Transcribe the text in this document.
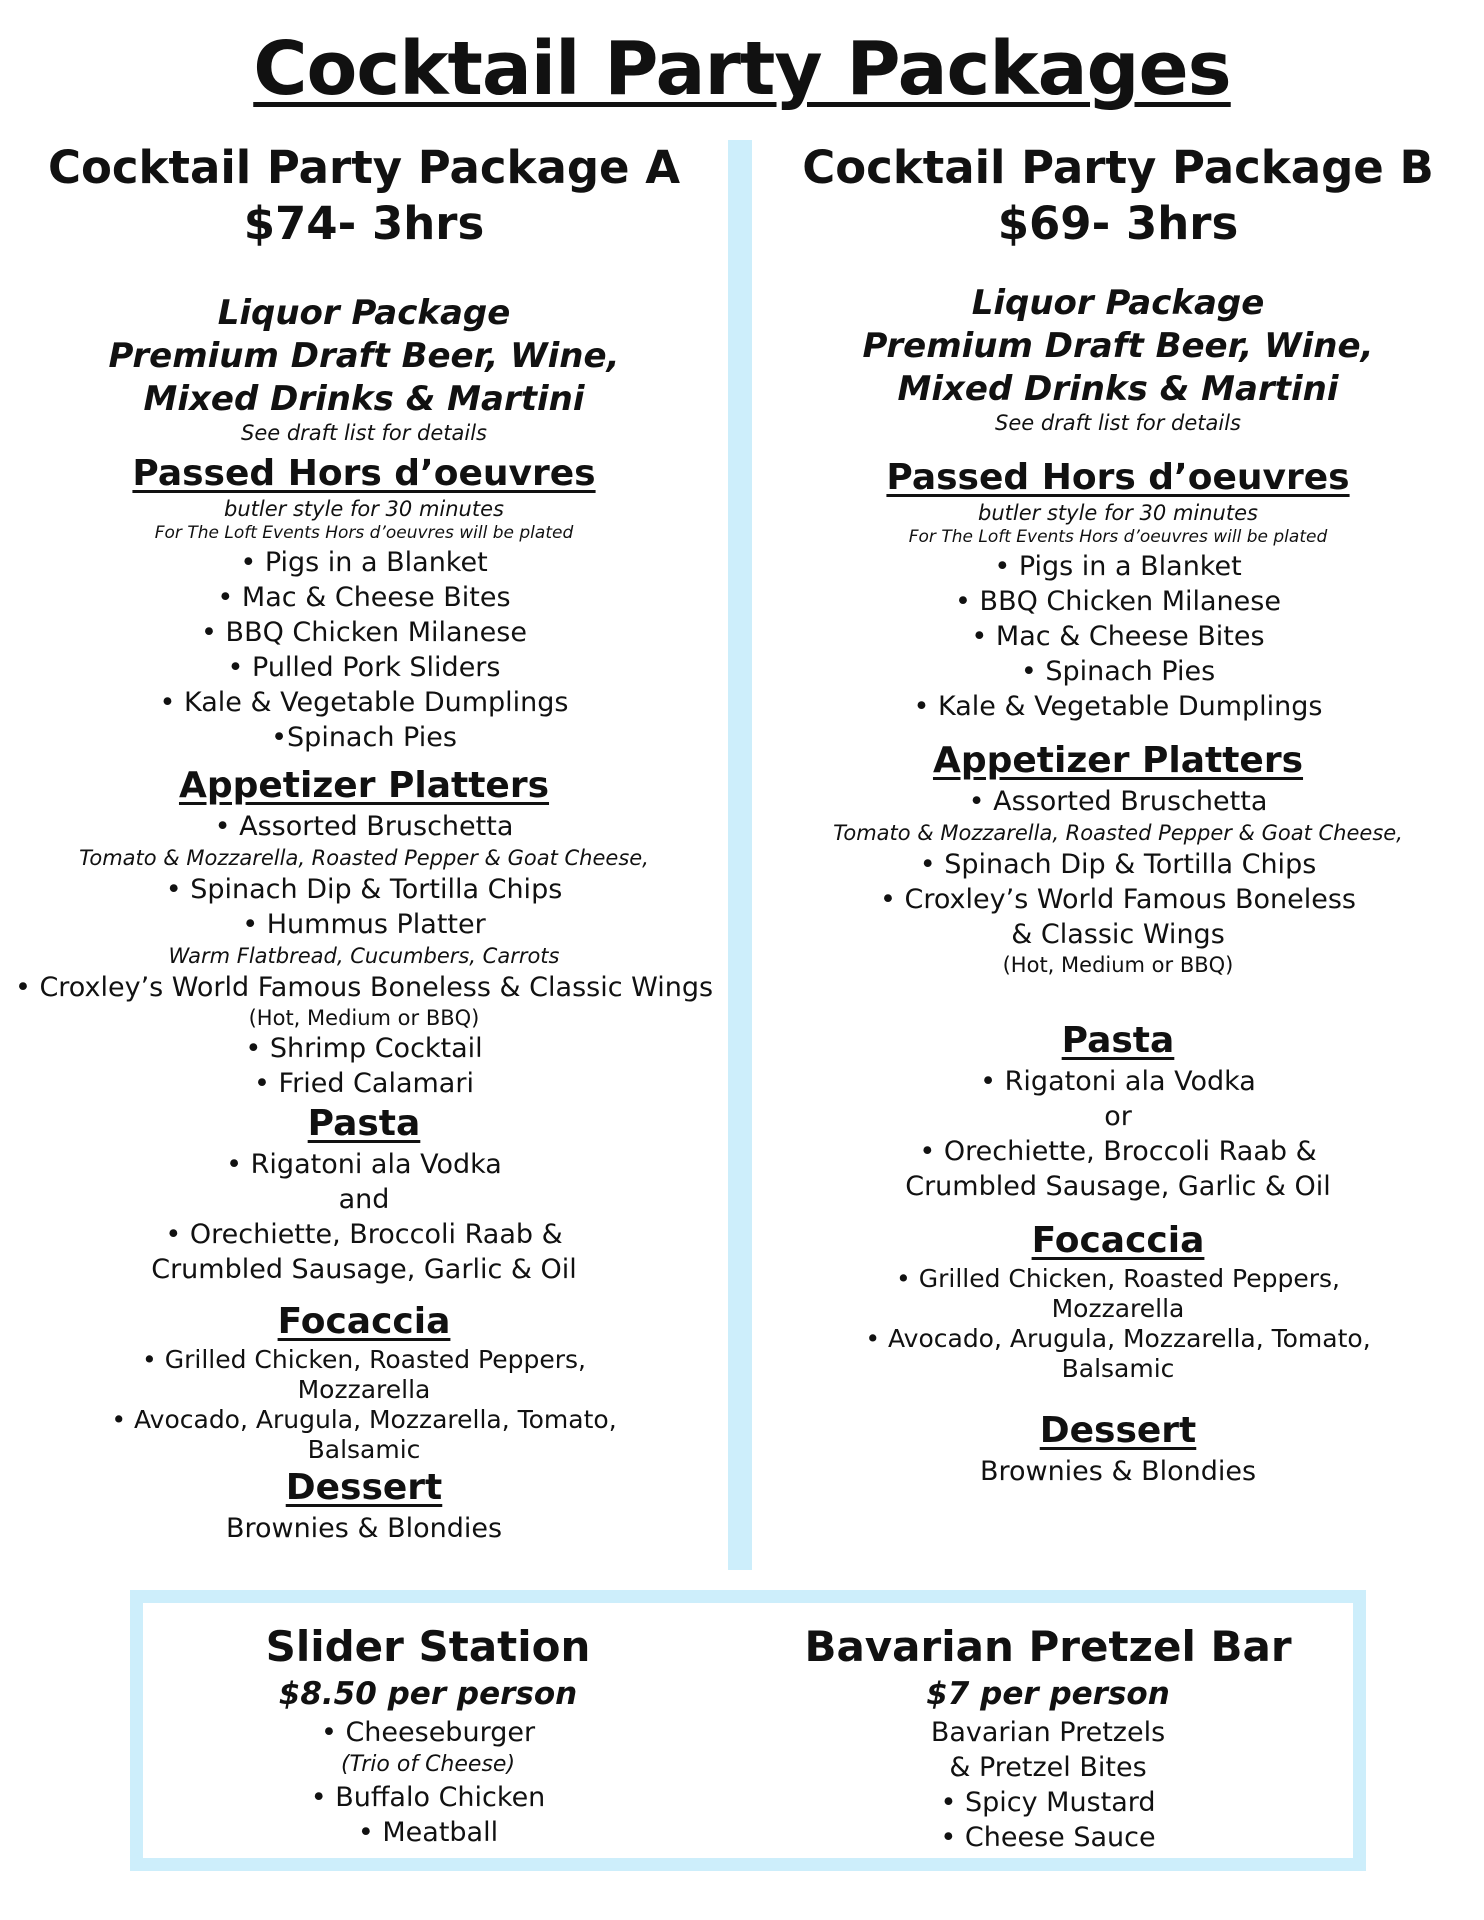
Cocktail Party Packages
Cocktail Party Package A
$74- 3hrs
Liquor Package
Premium Draft Beer, Wine,
Mixed Drinks & Martini
See draft list for details
Passed Hors d’oeuvres
butler style for 30 minutes
For The Loft Events Hors d’oeuvres will be plated
• Pigs in a Blanket
• Mac & Cheese Bites
• BBQ Chicken Milanese
• Pulled Pork Sliders
• Kale & Vegetable Dumplings
•Spinach Pies
Appetizer Platters
• Assorted Bruschetta
Tomato & Mozzarella, Roasted Pepper & Goat Cheese,
• Spinach Dip & Tortilla Chips
• Hummus Platter
Warm Flatbread, Cucumbers, Carrots
• Croxley’s World Famous Boneless & Classic Wings
(Hot, Medium or BBQ)
• Shrimp Cocktail
• Fried Calamari
Pasta
• Rigatoni ala Vodka
and
• Orechiette, Broccoli Raab &
Crumbled Sausage, Garlic & Oil
Focaccia
• Grilled Chicken, Roasted Peppers,
Mozzarella
• Avocado, Arugula, Mozzarella, Tomato,
Balsamic
Dessert
Brownies & Blondies
Cocktail Party Package B
$69- 3hrs
Liquor Package
Premium Draft Beer, Wine,
Mixed Drinks & Martini
See draft list for details
Passed Hors d’oeuvres
butler style for 30 minutes
For The Loft Events Hors d’oeuvres will be plated
• Pigs in a Blanket
• BBQ Chicken Milanese
• Mac & Cheese Bites
• Spinach Pies
• Kale & Vegetable Dumplings
Appetizer Platters
• Assorted Bruschetta
Tomato & Mozzarella, Roasted Pepper & Goat Cheese,
• Spinach Dip & Tortilla Chips
• Croxley’s World Famous Boneless
& Classic Wings
(Hot, Medium or BBQ)
Pasta
• Rigatoni ala Vodka
or
• Orechiette, Broccoli Raab &
Crumbled Sausage, Garlic & Oil
Focaccia
• Grilled Chicken, Roasted Peppers,
Mozzarella
• Avocado, Arugula, Mozzarella, Tomato,
Balsamic
Dessert
Brownies & Blondies
Slider Station
$8.50 per person
• Cheeseburger
(Trio of Cheese)
• Buffalo Chicken
• Meatball
Bavarian Pretzel Bar
$7 per person
Bavarian Pretzels
& Pretzel Bites
• Spicy Mustard
• Cheese Sauce
